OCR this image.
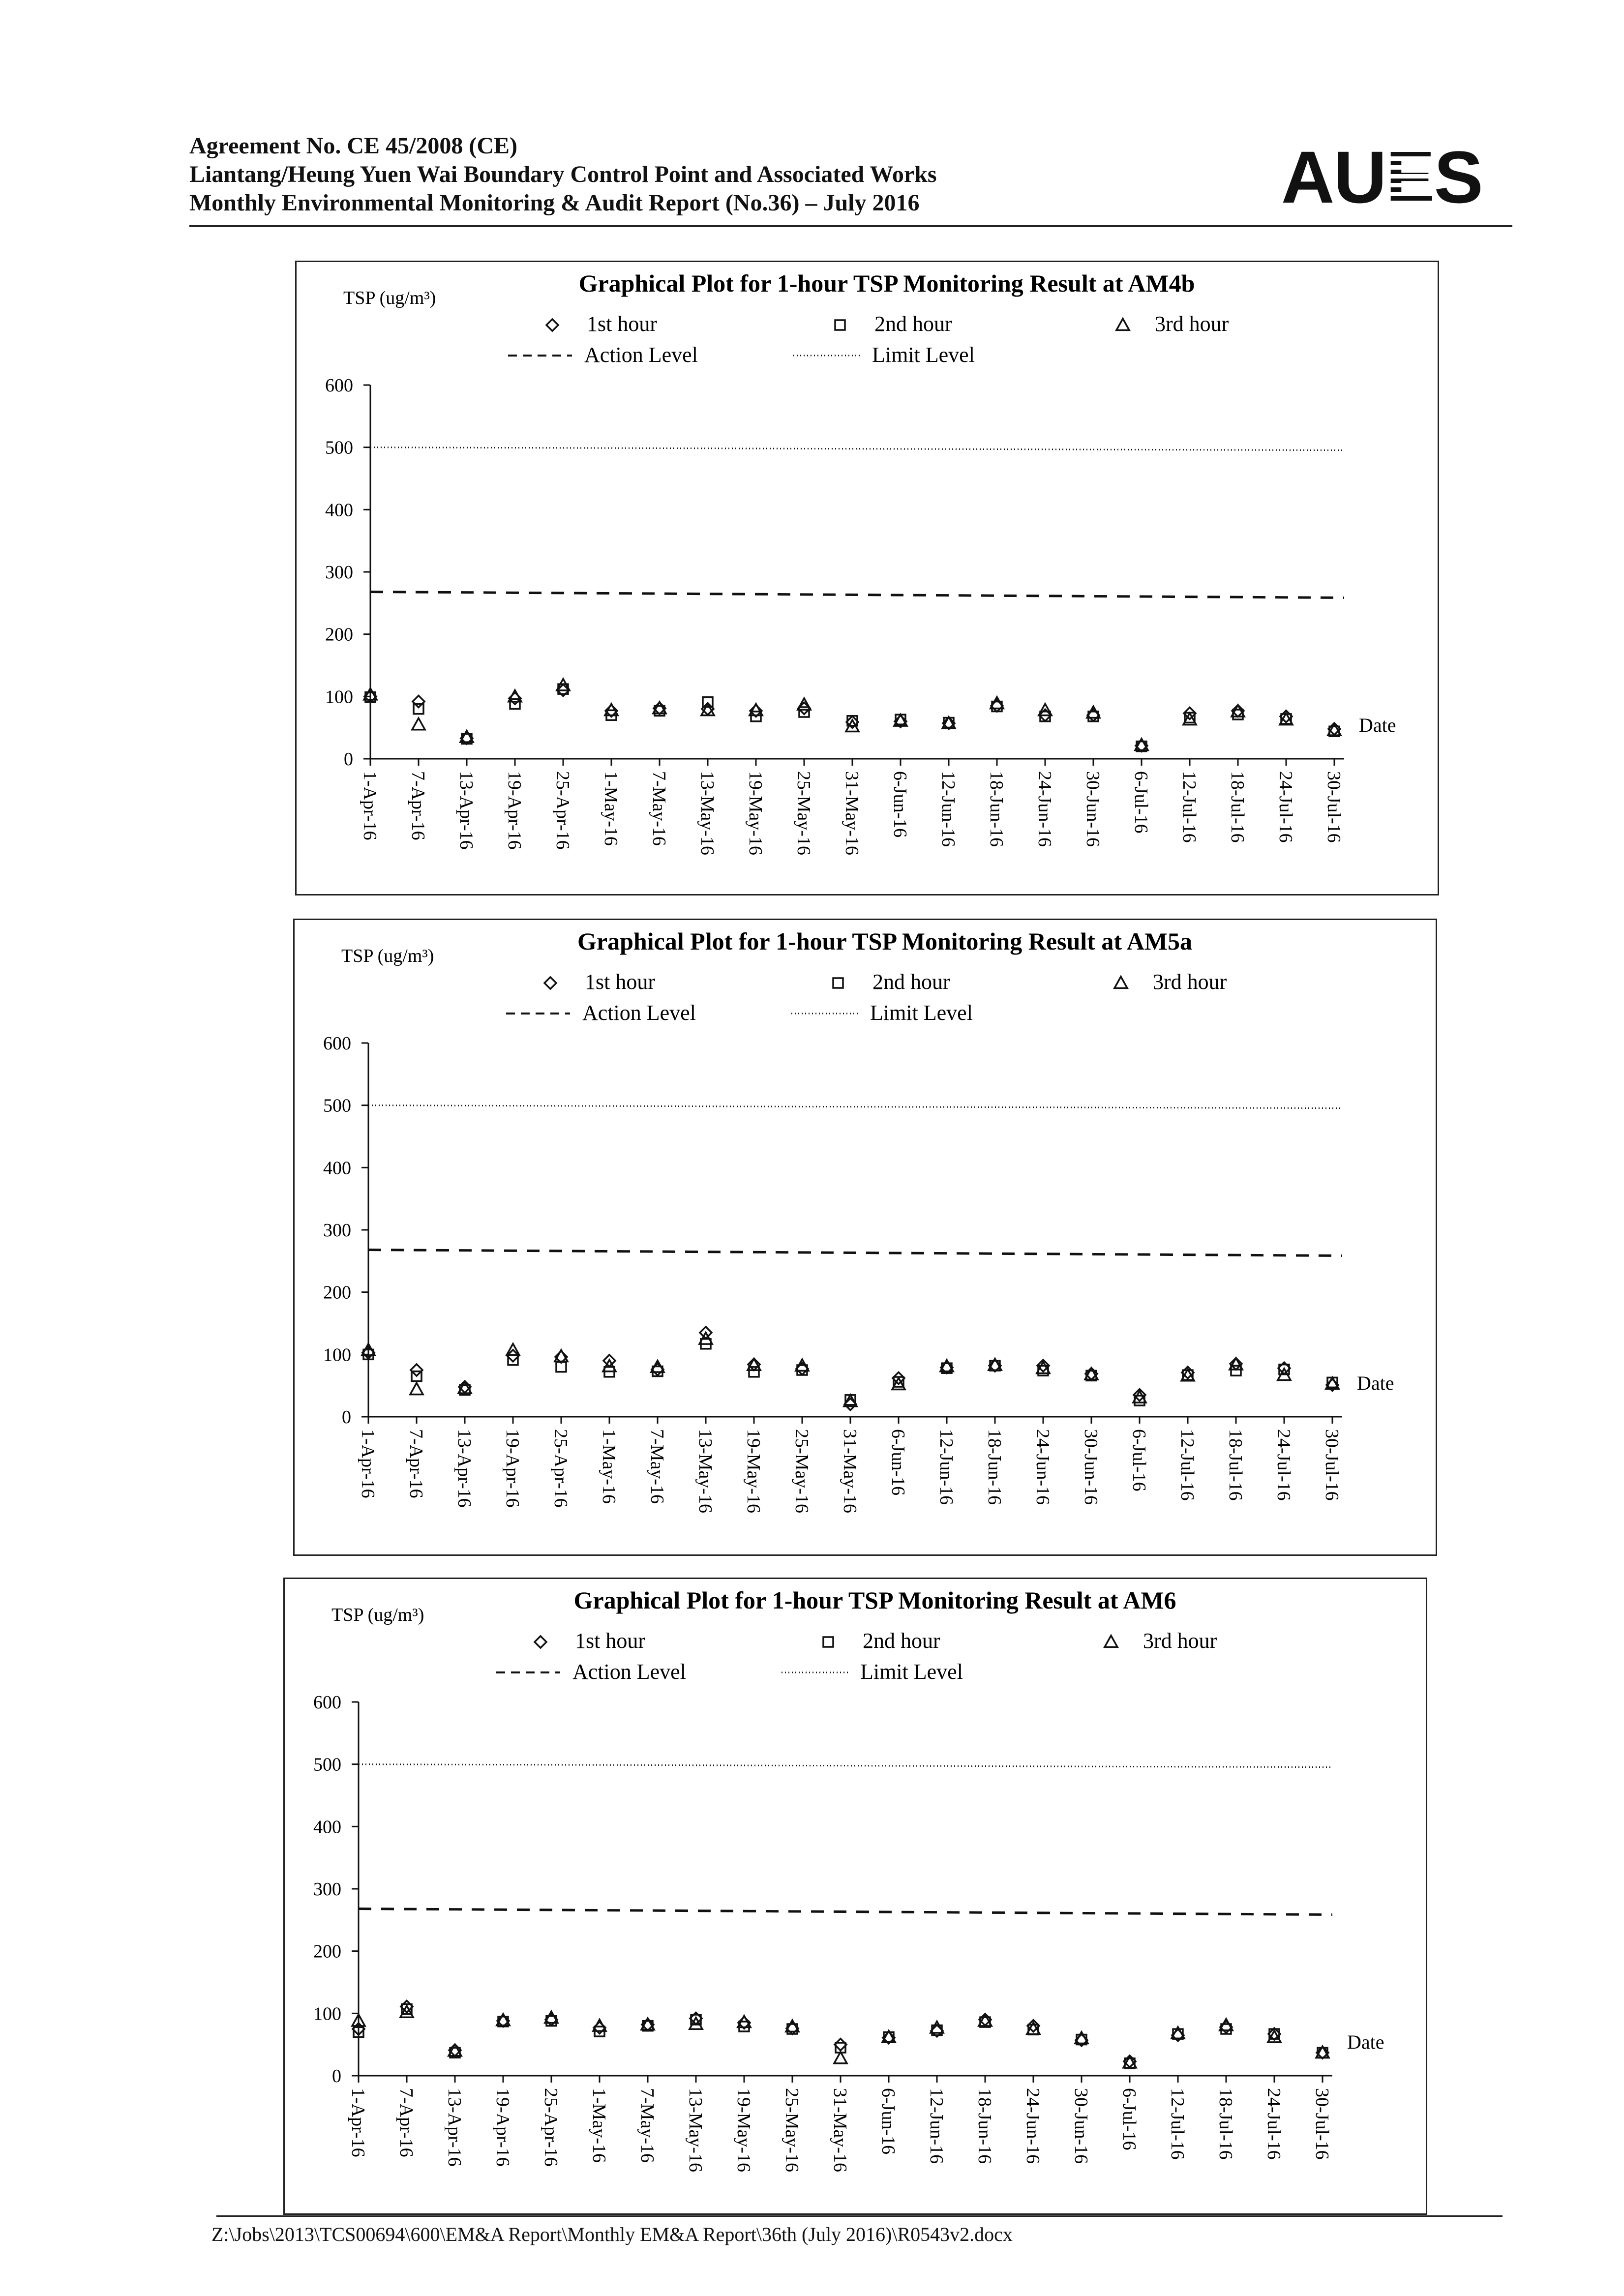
Agreement No. CE 45/2008 (CE)
Liantang/Heung Yuen Wai Boundary Control Point and Associated Works
Monthly Environmental Monitoring & Audit Report (No.36) – July 2016	AUES
Graphical Plot for 1-hour TSP Monitoring Result at AM4b
TSP (ug/m³)
1st hour	2nd hour	3rd hour
Action Level	Limit Level
0
100
200
300
400
500
600
1-Apr-16 7-Apr-16 13-Apr-16 19-Apr-16 25-Apr-16 1-May-16 7-May-16 13-May-16 19-May-16 25-May-16 31-May-16 6-Jun-16 12-Jun-16 18-Jun-16 24-Jun-16 30-Jun-16 6-Jul-16 12-Jul-16 18-Jul-16 24-Jul-16 30-Jul-16
Date
Graphical Plot for 1-hour TSP Monitoring Result at AM5a
TSP (ug/m³)
1st hour	2nd hour	3rd hour
Action Level	Limit Level
0
100
200
300
400
500
600
1-Apr-16 7-Apr-16 13-Apr-16 19-Apr-16 25-Apr-16 1-May-16 7-May-16 13-May-16 19-May-16 25-May-16 31-May-16 6-Jun-16 12-Jun-16 18-Jun-16 24-Jun-16 30-Jun-16 6-Jul-16 12-Jul-16 18-Jul-16 24-Jul-16 30-Jul-16
Date
Graphical Plot for 1-hour TSP Monitoring Result at AM6
TSP (ug/m³)
1st hour	2nd hour	3rd hour
Action Level	Limit Level
0
100
200
300
400
500
600
1-Apr-16 7-Apr-16 13-Apr-16 19-Apr-16 25-Apr-16 1-May-16 7-May-16 13-May-16 19-May-16 25-May-16 31-May-16 6-Jun-16 12-Jun-16 18-Jun-16 24-Jun-16 30-Jun-16 6-Jul-16 12-Jul-16 18-Jul-16 24-Jul-16 30-Jul-16
Date
Z:\Jobs\2013\TCS00694\600\EM&A Report\Monthly EM&A Report\36th (July 2016)\R0543v2.docx
